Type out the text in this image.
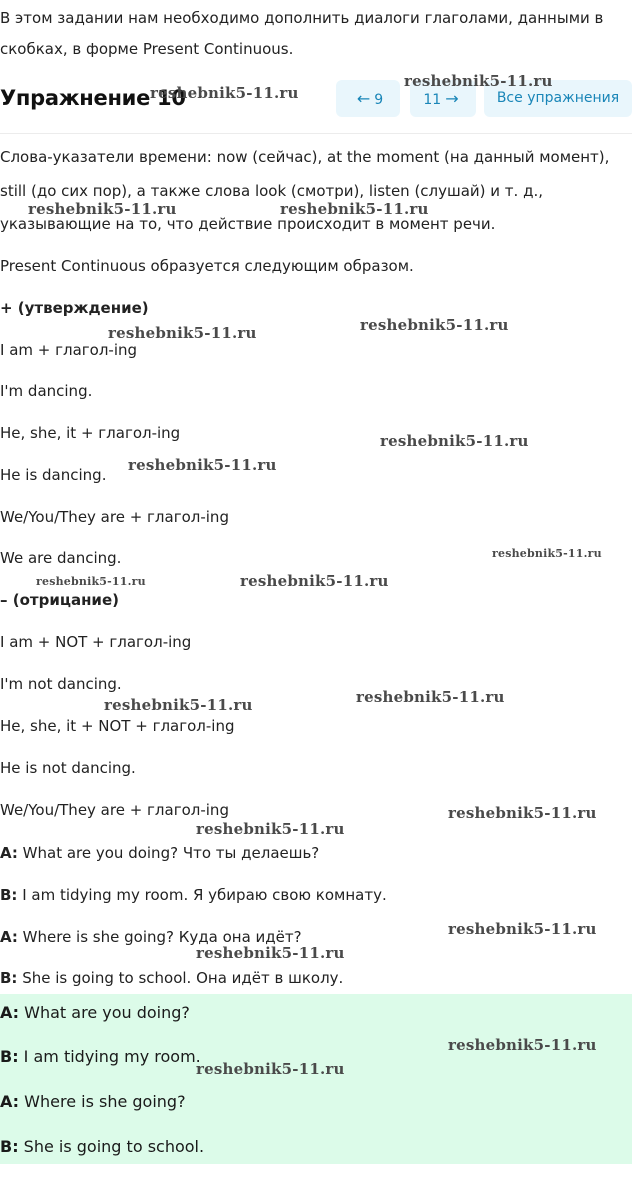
В этом задании нам необходимо дополнить диалоги глаголами, данными в
скобках, в форме Present Continuous.
Упражнение 10	← 9	11 →	Все упражнения
Слова-указатели времени: now (сейчас), at the moment (на данный момент),
still (до сих пор), а также слова look (смотри), listen (слушай) и т. д.,
указывающие на то, что действие происходит в момент речи.
Present Continuous образуется следующим образом.
+ (утверждение)
I am + глагол-ing
I'm dancing.
He, she, it + глагол-ing
He is dancing.
We/You/They are + глагол-ing
We are dancing.
– (отрицание)
I am + NOT + глагол-ing
I'm not dancing.
He, she, it + NOT + глагол-ing
He is not dancing.
We/You/They are + глагол-ing
A: What are you doing? Что ты делаешь?
B: I am tidying my room. Я убираю свою комнату.
A: Where is she going? Куда она идёт?
B: She is going to school. Она идёт в школу.
A: What are you doing?
B: I am tidying my room.
A: Where is she going?
B: She is going to school.
reshebnik5-11.ru
reshebnik5-11.ru
reshebnik5-11.ru	reshebnik5-11.ru
reshebnik5-11.ru	reshebnik5-11.ru
reshebnik5-11.ru
reshebnik5-11.ru
reshebnik5-11.ru
reshebnik5-11.ru	reshebnik5-11.ru
reshebnik5-11.ru	reshebnik5-11.ru
reshebnik5-11.ru
reshebnik5-11.ru
reshebnik5-11.ru
reshebnik5-11.ru
reshebnik5-11.ru
reshebnik5-11.ru
